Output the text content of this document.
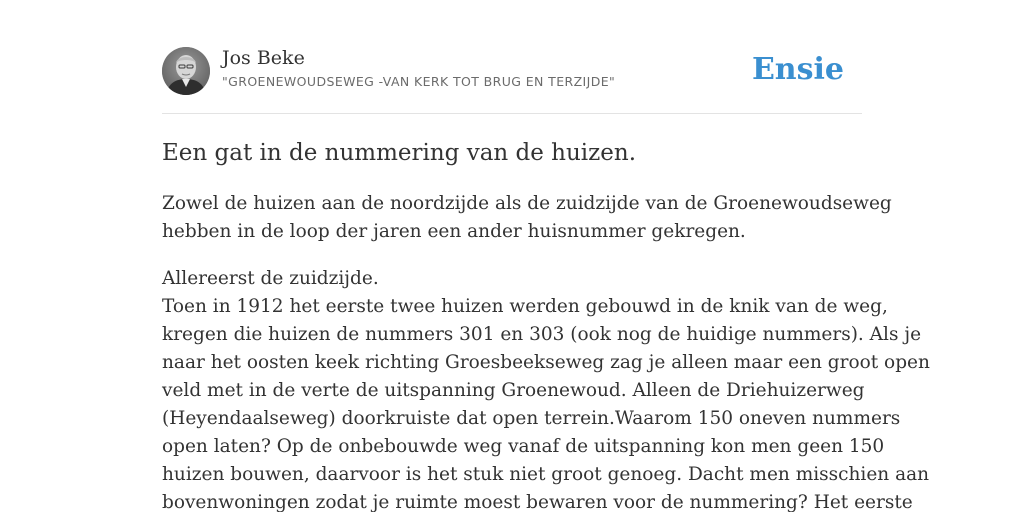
Jos Beke
"GROENEWOUDSEWEG -VAN KERK TOT BRUG EN TERZIJDE"	Ensie
Een gat in de nummering van de huizen.

Zowel de huizen aan de noordzijde als de zuidzijde van de Groenewoudseweg
hebben in de loop der jaren een ander huisnummer gekregen.

Allereerst de zuidzijde.
Toen in 1912 het eerste twee huizen werden gebouwd in de knik van de weg,
kregen die huizen de nummers 301 en 303 (ook nog de huidige nummers). Als je
naar het oosten keek richting Groesbeekseweg zag je alleen maar een groot open
veld met in de verte de uitspanning Groenewoud. Alleen de Driehuizerweg
(Heyendaalseweg) doorkruiste dat open terrein.Waarom 150 oneven nummers
open laten? Op de onbebouwde weg vanaf de uitspanning kon men geen 150
huizen bouwen, daarvoor is het stuk niet groot genoeg. Dacht men misschien aan
bovenwoningen zodat je ruimte moest bewaren voor de nummering? Het eerste
